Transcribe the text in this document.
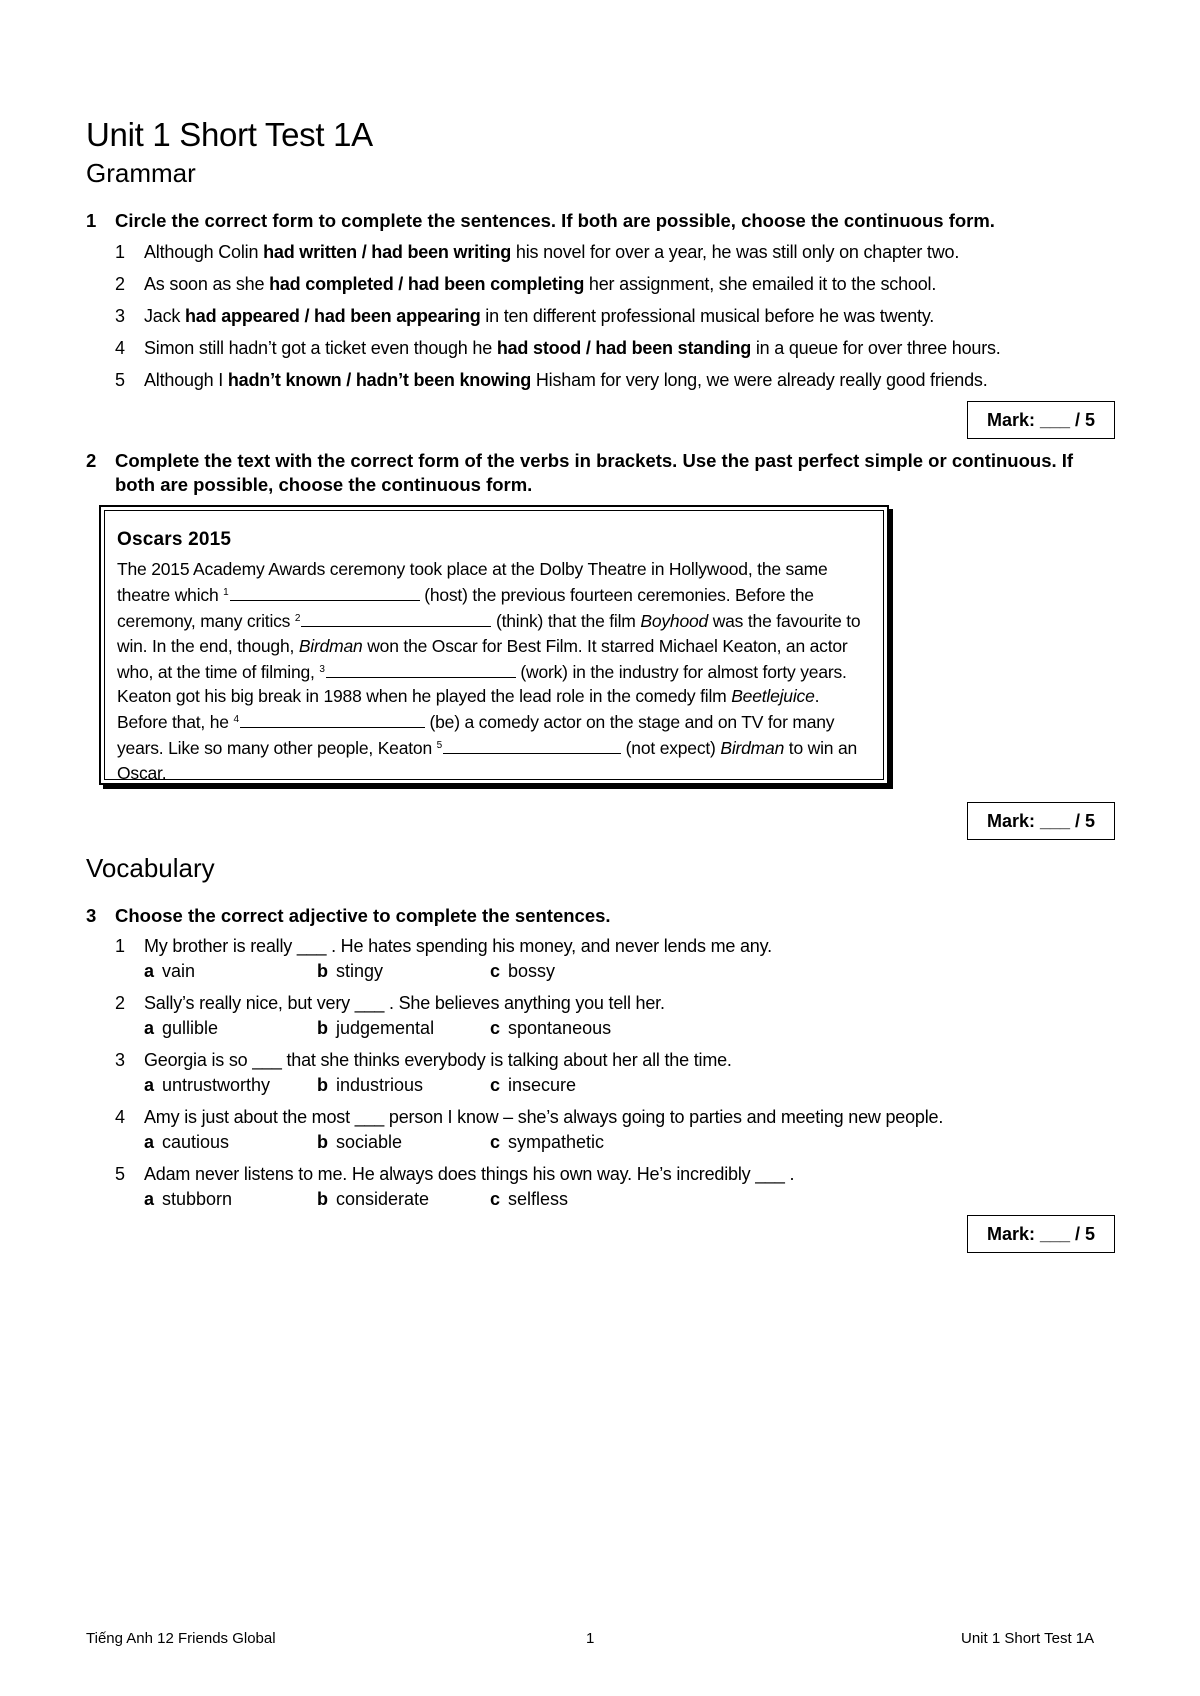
Unit 1 Short Test 1A
Grammar
1 Circle the correct form to complete the sentences. If both are possible, choose the continuous form.
1 Although Colin had written / had been writing his novel for over a year, he was still only on chapter two.
2 As soon as she had completed / had been completing her assignment, she emailed it to the school.
3 Jack had appeared / had been appearing in ten different professional musical before he was twenty.
4 Simon still hadn’t got a ticket even though he had stood / had been standing in a queue for over three hours.
5 Although I hadn’t known / hadn’t been knowing Hisham for very long, we were already really good friends.
Mark: ___ / 5
2 Complete the text with the correct form of the verbs in brackets. Use the past perfect simple or continuous. If both are possible, choose the continuous form.
Oscars 2015
The 2015 Academy Awards ceremony took place at the Dolby Theatre in Hollywood, the same theatre which $^1$	(host) the previous fourteen ceremonies. Before the ceremony, many critics $^2$	(think) that the film Boyhood was the favourite to win. In the end, though, Birdman won the Oscar for Best Film. It starred Michael Keaton, an actor who, at the time of filming, $^3$	(work) in the industry for almost forty years. Keaton got his big break in 1988 when he played the lead role in the comedy film Beetlejuice. Before that, he $^4$	(be) a comedy actor on the stage and on TV for many years. Like so many other people, Keaton $^5$	(not expect) Birdman to win an Oscar.
Mark: ___ / 5
Vocabulary
3 Choose the correct adjective to complete the sentences.
1 My brother is really ___ . He hates spending his money, and never lends me any.
a vain	b stingy	c bossy
2 Sally’s really nice, but very ___ . She believes anything you tell her.
a gullible	b judgemental	c spontaneous
3 Georgia is so ___ that she thinks everybody is talking about her all the time.
a untrustworthy	b industrious	c insecure
4 Amy is just about the most ___ person I know – she’s always going to parties and meeting new people.
a cautious	b sociable	c sympathetic
5 Adam never listens to me. He always does things his own way. He’s incredibly ___ .
a stubborn	b considerate	c selfless
Mark: ___ / 5
Tiếng Anh 12 Friends Global	1	Unit 1 Short Test 1A
